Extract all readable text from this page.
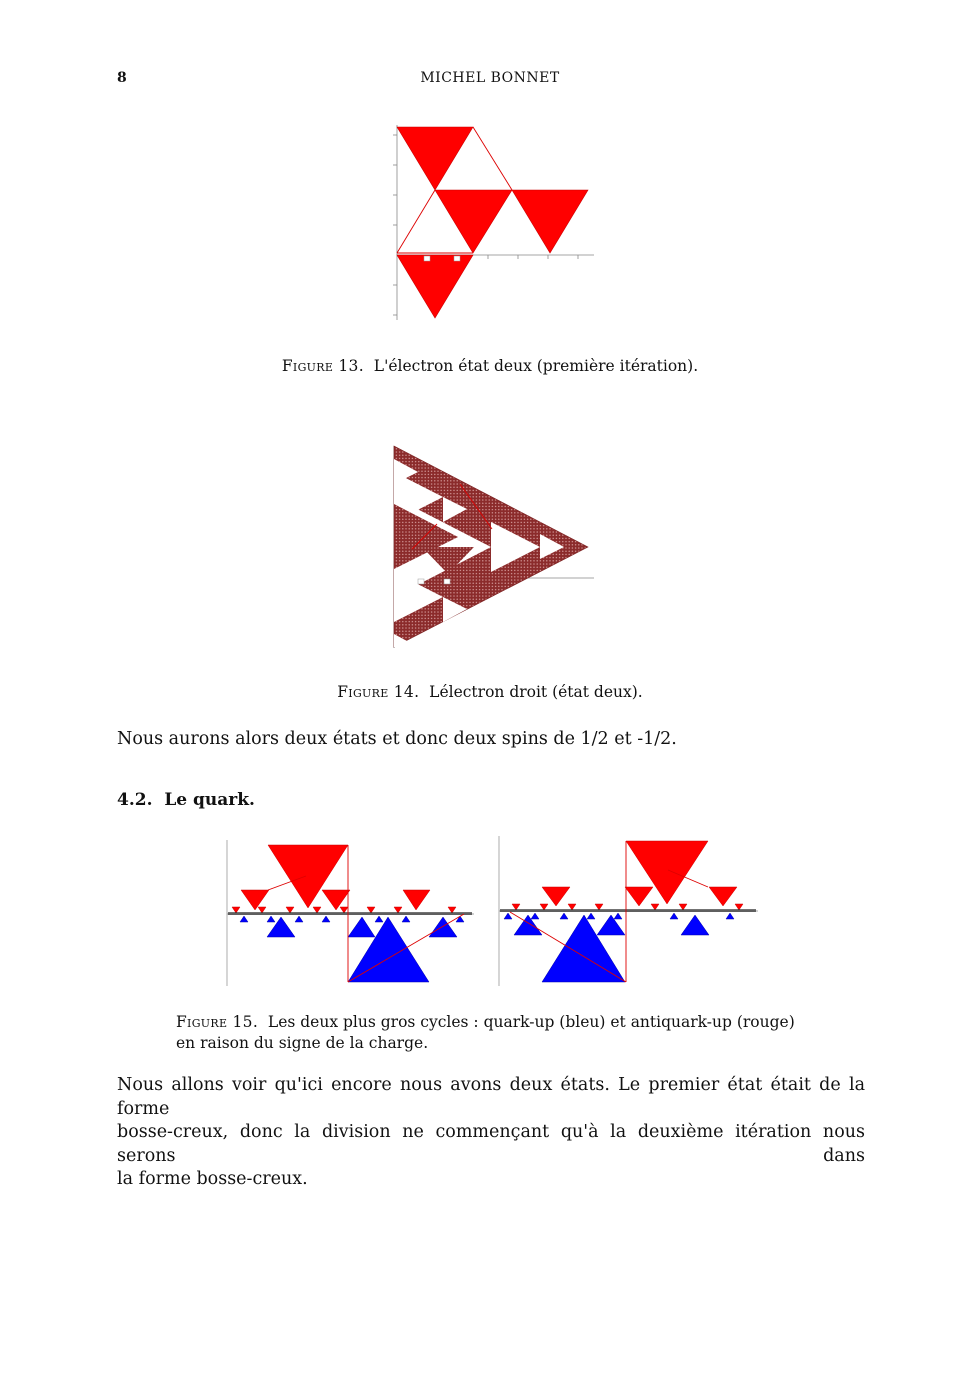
8	MICHEL BONNET
Figure 13. L'électron état deux (première itération).
Figure 14. Lélectron droit (état deux).
Nous aurons alors deux états et donc deux spins de 1/2 et -1/2.
4.2. Le quark.
Figure 15. Les deux plus gros cycles : quark-up (bleu) et antiquark-up (rouge)
en raison du signe de la charge.
Nous allons voir qu'ici encore nous avons deux états. Le premier état était de la forme
bosse-creux, donc la division ne commençant qu'à la deuxième itération nous serons dans
la forme bosse-creux.
